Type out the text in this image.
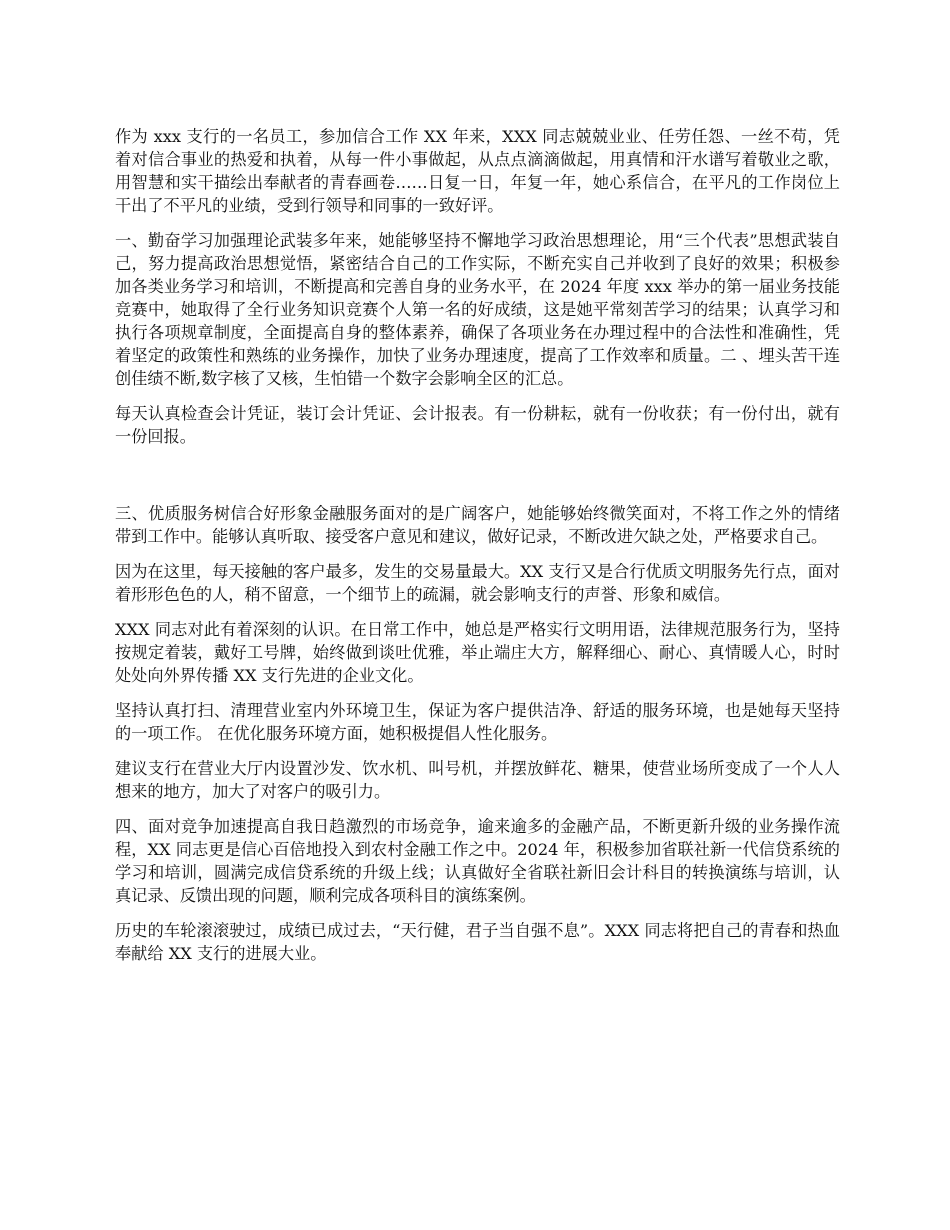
作为 xxx 支行的一名员工，参加信合工作 XX 年来，XXX 同志兢兢业业、任劳任怨、一丝不苟，凭着对信合事业的热爱和执着，从每一件小事做起，从点点滴滴做起，用真情和汗水谱写着敬业之歌，用智慧和实干描绘出奉献者的青春画卷……日复一日，年复一年，她心系信合，在平凡的工作岗位上干出了不平凡的业绩，受到行领导和同事的一致好评。

一、勤奋学习加强理论武装多年来，她能够坚持不懈地学习政治思想理论，用“三个代表”思想武装自己，努力提高政治思想觉悟，紧密结合自己的工作实际，不断充实自己并收到了良好的效果；积极参加各类业务学习和培训，不断提高和完善自身的业务水平，在 2024 年度 xxx 举办的第一届业务技能竞赛中，她取得了全行业务知识竞赛个人第一名的好成绩，这是她平常刻苦学习的结果；认真学习和执行各项规章制度，全面提高自身的整体素养，确保了各项业务在办理过程中的合法性和准确性，凭着坚定的政策性和熟练的业务操作，加快了业务办理速度，提高了工作效率和质量。二 、埋头苦干连创佳绩不断,数字核了又核，生怕错一个数字会影响全区的汇总。

每天认真检查会计凭证，装订会计凭证、会计报表。有一份耕耘，就有一份收获；有一份付出，就有一份回报。

三、优质服务树信合好形象金融服务面对的是广阔客户，她能够始终微笑面对，不将工作之外的情绪带到工作中。能够认真听取、接受客户意见和建议，做好记录，不断改进欠缺之处，严格要求自己。

因为在这里，每天接触的客户最多，发生的交易量最大。XX 支行又是合行优质文明服务先行点，面对着形形色色的人，稍不留意，一个细节上的疏漏，就会影响支行的声誉、形象和威信。

XXX 同志对此有着深刻的认识。在日常工作中，她总是严格实行文明用语，法律规范服务行为，坚持按规定着装，戴好工号牌，始终做到谈吐优雅，举止端庄大方，解释细心、耐心、真情暖人心，时时处处向外界传播 XX 支行先进的企业文化。

坚持认真打扫、清理营业室内外环境卫生，保证为客户提供洁净、舒适的服务环境，也是她每天坚持的一项工作。 在优化服务环境方面，她积极提倡人性化服务。

建议支行在营业大厅内设置沙发、饮水机、叫号机，并摆放鲜花、糖果，使营业场所变成了一个人人想来的地方，加大了对客户的吸引力。

四、面对竞争加速提高自我日趋激烈的市场竞争，逾来逾多的金融产品，不断更新升级的业务操作流程，XX 同志更是信心百倍地投入到农村金融工作之中。2024 年，积极参加省联社新一代信贷系统的学习和培训，圆满完成信贷系统的升级上线；认真做好全省联社新旧会计科目的转换演练与培训，认真记录、反馈出现的问题，顺利完成各项科目的演练案例。

历史的车轮滚滚驶过，成绩已成过去，“天行健，君子当自强不息”。XXX 同志将把自己的青春和热血奉献给 XX 支行的进展大业。
